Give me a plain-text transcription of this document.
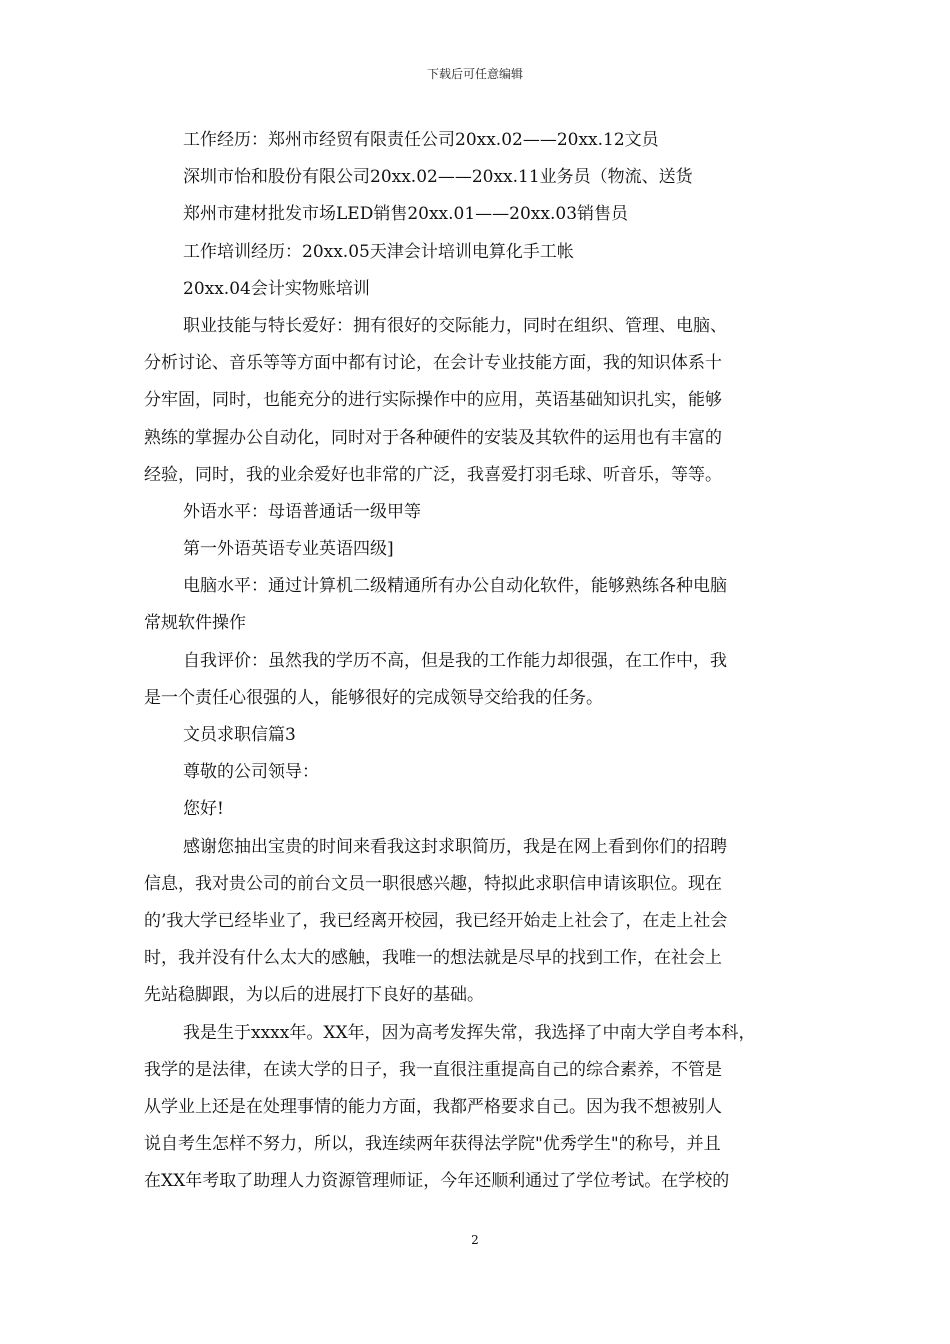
下载后可任意编辑
工作经历：郑州市经贸有限责任公司20xx.02——20xx.12文员
深圳市怡和股份有限公司20xx.02——20xx.11业务员（物流、送货
郑州市建材批发市场LED销售20xx.01——20xx.03销售员
工作培训经历：20xx.05天津会计培训电算化手工帐
20xx.04会计实物账培训
职业技能与特长爱好：拥有很好的交际能力，同时在组织、管理、电脑、
分析讨论、音乐等等方面中都有讨论，在会计专业技能方面，我的知识体系十
分牢固，同时，也能充分的进行实际操作中的应用，英语基础知识扎实，能够
熟练的掌握办公自动化，同时对于各种硬件的安装及其软件的运用也有丰富的
经验，同时，我的业余爱好也非常的广泛，我喜爱打羽毛球、听音乐，等等。
外语水平：母语普通话一级甲等
第一外语英语专业英语四级]
电脑水平：通过计算机二级精通所有办公自动化软件，能够熟练各种电脑
常规软件操作
自我评价：虽然我的学历不高，但是我的工作能力却很强，在工作中，我
是一个责任心很强的人，能够很好的完成领导交给我的任务。
文员求职信篇3
尊敬的公司领导：
您好!
感谢您抽出宝贵的时间来看我这封求职简历，我是在网上看到你们的招聘
信息，我对贵公司的前台文员一职很感兴趣，特拟此求职信申请该职位。现在
的’我大学已经毕业了，我已经离开校园，我已经开始走上社会了，在走上社会
时，我并没有什么太大的感触，我唯一的想法就是尽早的找到工作，在社会上
先站稳脚跟，为以后的进展打下良好的基础。
我是生于xxxx年。XX年，因为高考发挥失常，我选择了中南大学自考本科，
我学的是法律，在读大学的日子，我一直很注重提高自己的综合素养，不管是
从学业上还是在处理事情的能力方面，我都严格要求自己。因为我不想被别人
说自考生怎样不努力，所以，我连续两年获得法学院"优秀学生"的称号，并且
在XX年考取了助理人力资源管理师证，今年还顺利通过了学位考试。在学校的
2
